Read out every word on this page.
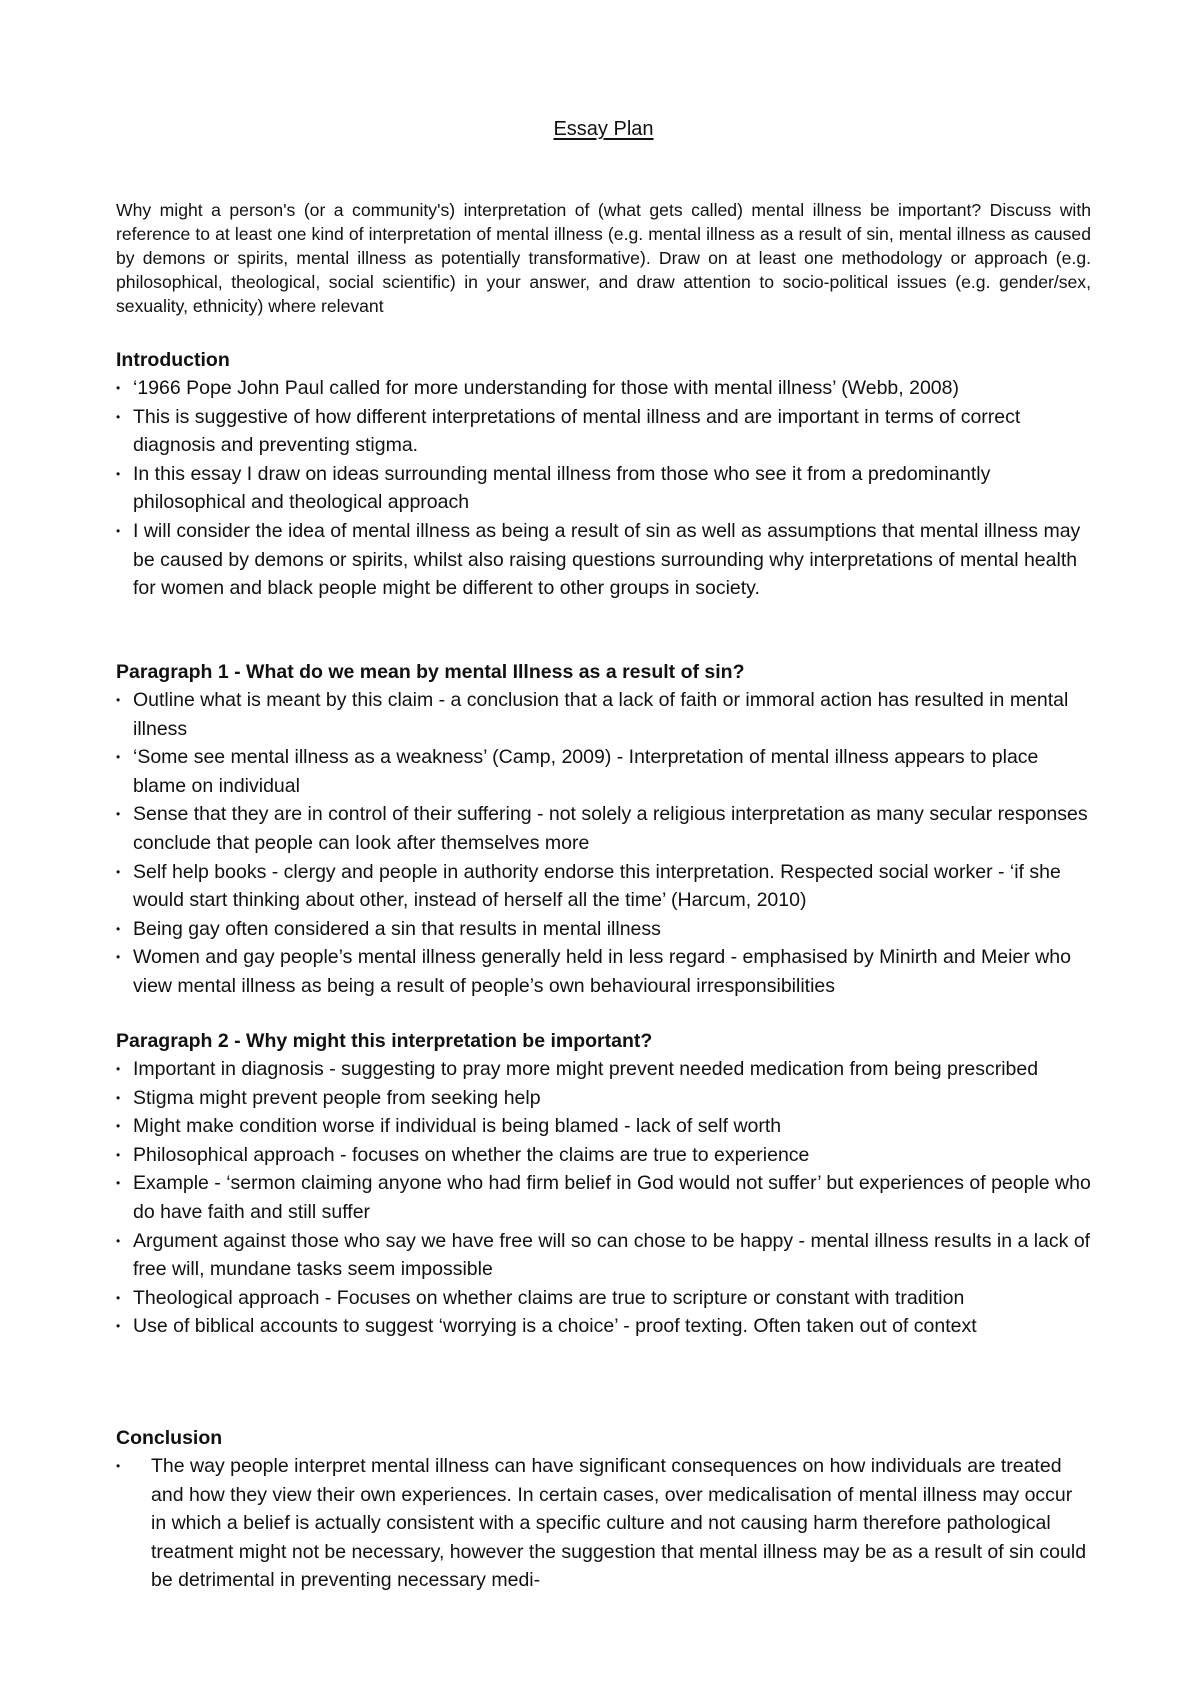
Essay Plan
Why might a person's (or a community's) interpretation of (what gets called) mental illness be important? Discuss with reference to at least one kind of interpretation of mental illness (e.g. mental illness as a result of sin, mental illness as caused by demons or spirits, mental illness as potentially transformative). Draw on at least one methodology or approach (e.g. philosophical, theological, social scientific) in your answer, and draw attention to socio-political issues (e.g. gender/sex, sexuality, ethnicity) where relevant
Introduction
• ‘1966 Pope John Paul called for more understanding for those with mental illness’ (Webb, 2008)
• This is suggestive of how different interpretations of mental illness and are important in terms of correct diagnosis and preventing stigma.
• In this essay I draw on ideas surrounding mental illness from those who see it from a predominantly philosophical and theological approach
• I will consider the idea of mental illness as being a result of sin as well as assumptions that mental illness may be caused by demons or spirits, whilst also raising questions surrounding why interpretations of mental health for women and black people might be different to other groups in society.
Paragraph 1 - What do we mean by mental Illness as a result of sin?
• Outline what is meant by this claim - a conclusion that a lack of faith or immoral action has resulted in mental illness
• ‘Some see mental illness as a weakness’ (Camp, 2009) - Interpretation of mental illness appears to place blame on individual
• Sense that they are in control of their suffering - not solely a religious interpretation as many secular responses conclude that people can look after themselves more
• Self help books - clergy and people in authority endorse this interpretation. Respected social worker - ‘if she would start thinking about other, instead of herself all the time’ (Harcum, 2010)
• Being gay often considered a sin that results in mental illness
• Women and gay people’s mental illness generally held in less regard - emphasised by Minirth and Meier who view mental illness as being a result of people’s own behavioural irresponsibilities
Paragraph 2 - Why might this interpretation be important?
• Important in diagnosis - suggesting to pray more might prevent needed medication from being prescribed
• Stigma might prevent people from seeking help
• Might make condition worse if individual is being blamed - lack of self worth
• Philosophical approach - focuses on whether the claims are true to experience
• Example - ‘sermon claiming anyone who had firm belief in God would not suffer’ but experiences of people who do have faith and still suffer
• Argument against those who say we have free will so can chose to be happy - mental illness results in a lack of free will, mundane tasks seem impossible
• Theological approach - Focuses on whether claims are true to scripture or constant with tradition
• Use of biblical accounts to suggest ‘worrying is a choice’ - proof texting. Often taken out of context
Conclusion
• The way people interpret mental illness can have significant consequences on how individuals are treated and how they view their own experiences. In certain cases, over medicalisation of mental illness may occur in which a belief is actually consistent with a specific culture and not causing harm therefore pathological treatment might not be necessary, however the suggestion that mental illness may be as a result of sin could be detrimental in preventing necessary medi-
